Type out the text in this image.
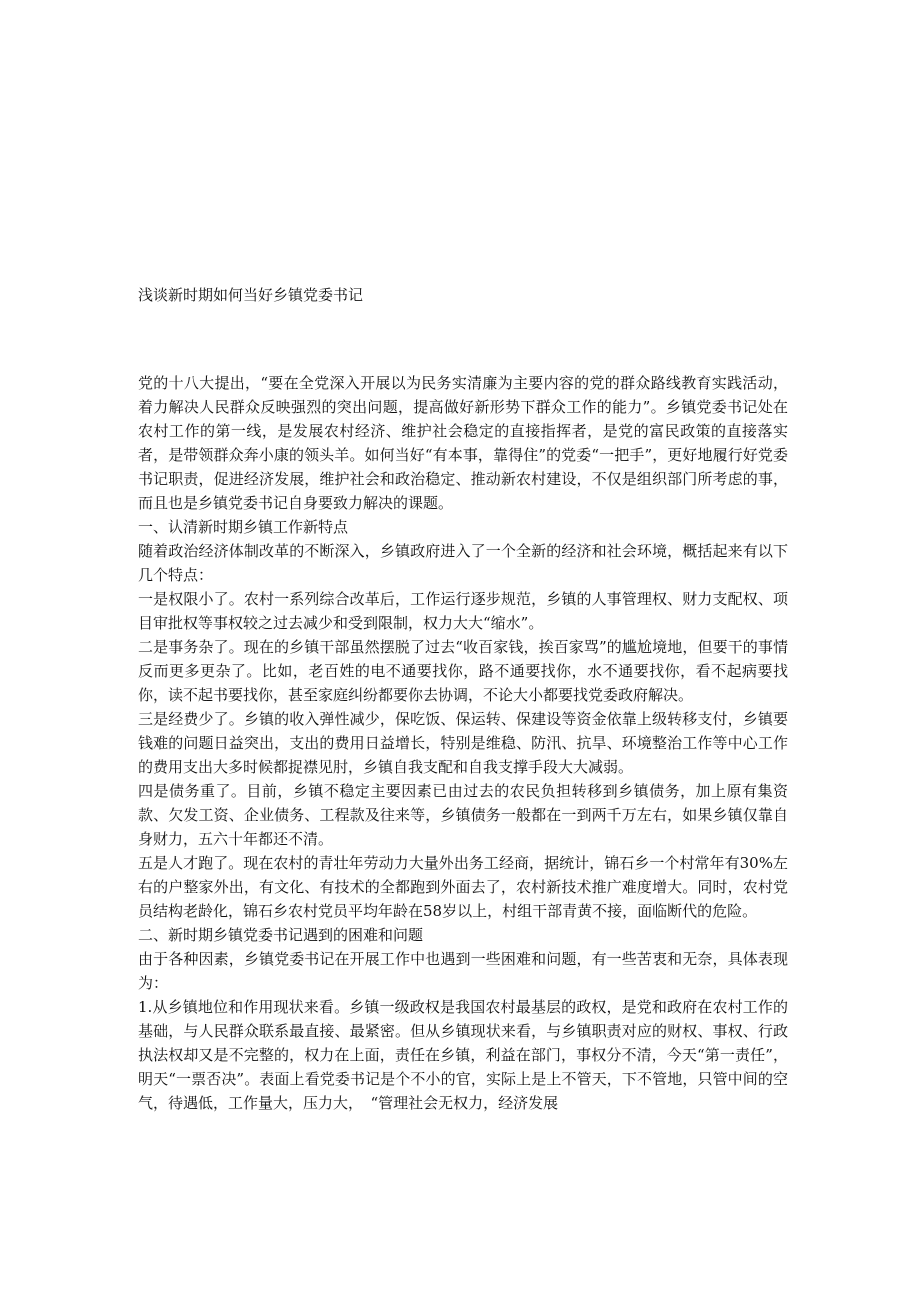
浅谈新时期如何当好乡镇党委书记

党的十八大提出，“要在全党深入开展以为民务实清廉为主要内容的党的群众路线教育实践活动，着力解决人民群众反映强烈的突出问题，提高做好新形势下群众工作的能力”。乡镇党委书记处在农村工作的第一线，是发展农村经济、维护社会稳定的直接指挥者，是党的富民政策的直接落实者，是带领群众奔小康的领头羊。如何当好“有本事，靠得住”的党委“一把手”，更好地履行好党委书记职责，促进经济发展，维护社会和政治稳定、推动新农村建设，不仅是组织部门所考虑的事，而且也是乡镇党委书记自身要致力解决的课题。

一、认清新时期乡镇工作新特点

随着政治经济体制改革的不断深入，乡镇政府进入了一个全新的经济和社会环境，概括起来有以下几个特点：

一是权限小了。农村一系列综合改革后，工作运行逐步规范，乡镇的人事管理权、财力支配权、项目审批权等事权较之过去减少和受到限制，权力大大“缩水”。

二是事务杂了。现在的乡镇干部虽然摆脱了过去“收百家钱，挨百家骂”的尴尬境地，但要干的事情反而更多更杂了。比如，老百姓的电不通要找你，路不通要找你，水不通要找你，看不起病要找你，读不起书要找你，甚至家庭纠纷都要你去协调，不论大小都要找党委政府解决。

三是经费少了。乡镇的收入弹性减少，保吃饭、保运转、保建设等资金依靠上级转移支付，乡镇要钱难的问题日益突出，支出的费用日益增长，特别是维稳、防汛、抗旱、环境整治工作等中心工作的费用支出大多时候都捉襟见肘，乡镇自我支配和自我支撑手段大大减弱。

四是债务重了。目前，乡镇不稳定主要因素已由过去的农民负担转移到乡镇债务，加上原有集资款、欠发工资、企业债务、工程款及往来等，乡镇债务一般都在一到两千万左右，如果乡镇仅靠自身财力，五六十年都还不清。

五是人才跑了。现在农村的青壮年劳动力大量外出务工经商，据统计，锦石乡一个村常年有30%左右的户整家外出，有文化、有技术的全都跑到外面去了，农村新技术推广难度增大。同时，农村党员结构老龄化，锦石乡农村党员平均年龄在58岁以上，村组干部青黄不接，面临断代的危险。

二、新时期乡镇党委书记遇到的困难和问题

由于各种因素，乡镇党委书记在开展工作中也遇到一些困难和问题，有一些苦衷和无奈，具体表现为：

1.从乡镇地位和作用现状来看。乡镇一级政权是我国农村最基层的政权，是党和政府在农村工作的基础，与人民群众联系最直接、最紧密。但从乡镇现状来看，与乡镇职责对应的财权、事权、行政执法权却又是不完整的，权力在上面，责任在乡镇，利益在部门，事权分不清，今天“第一责任”，明天“一票否决”。表面上看党委书记是个不小的官，实际上是上不管天，下不管地，只管中间的空气，待遇低，工作量大，压力大，　“管理社会无权力，经济发展
